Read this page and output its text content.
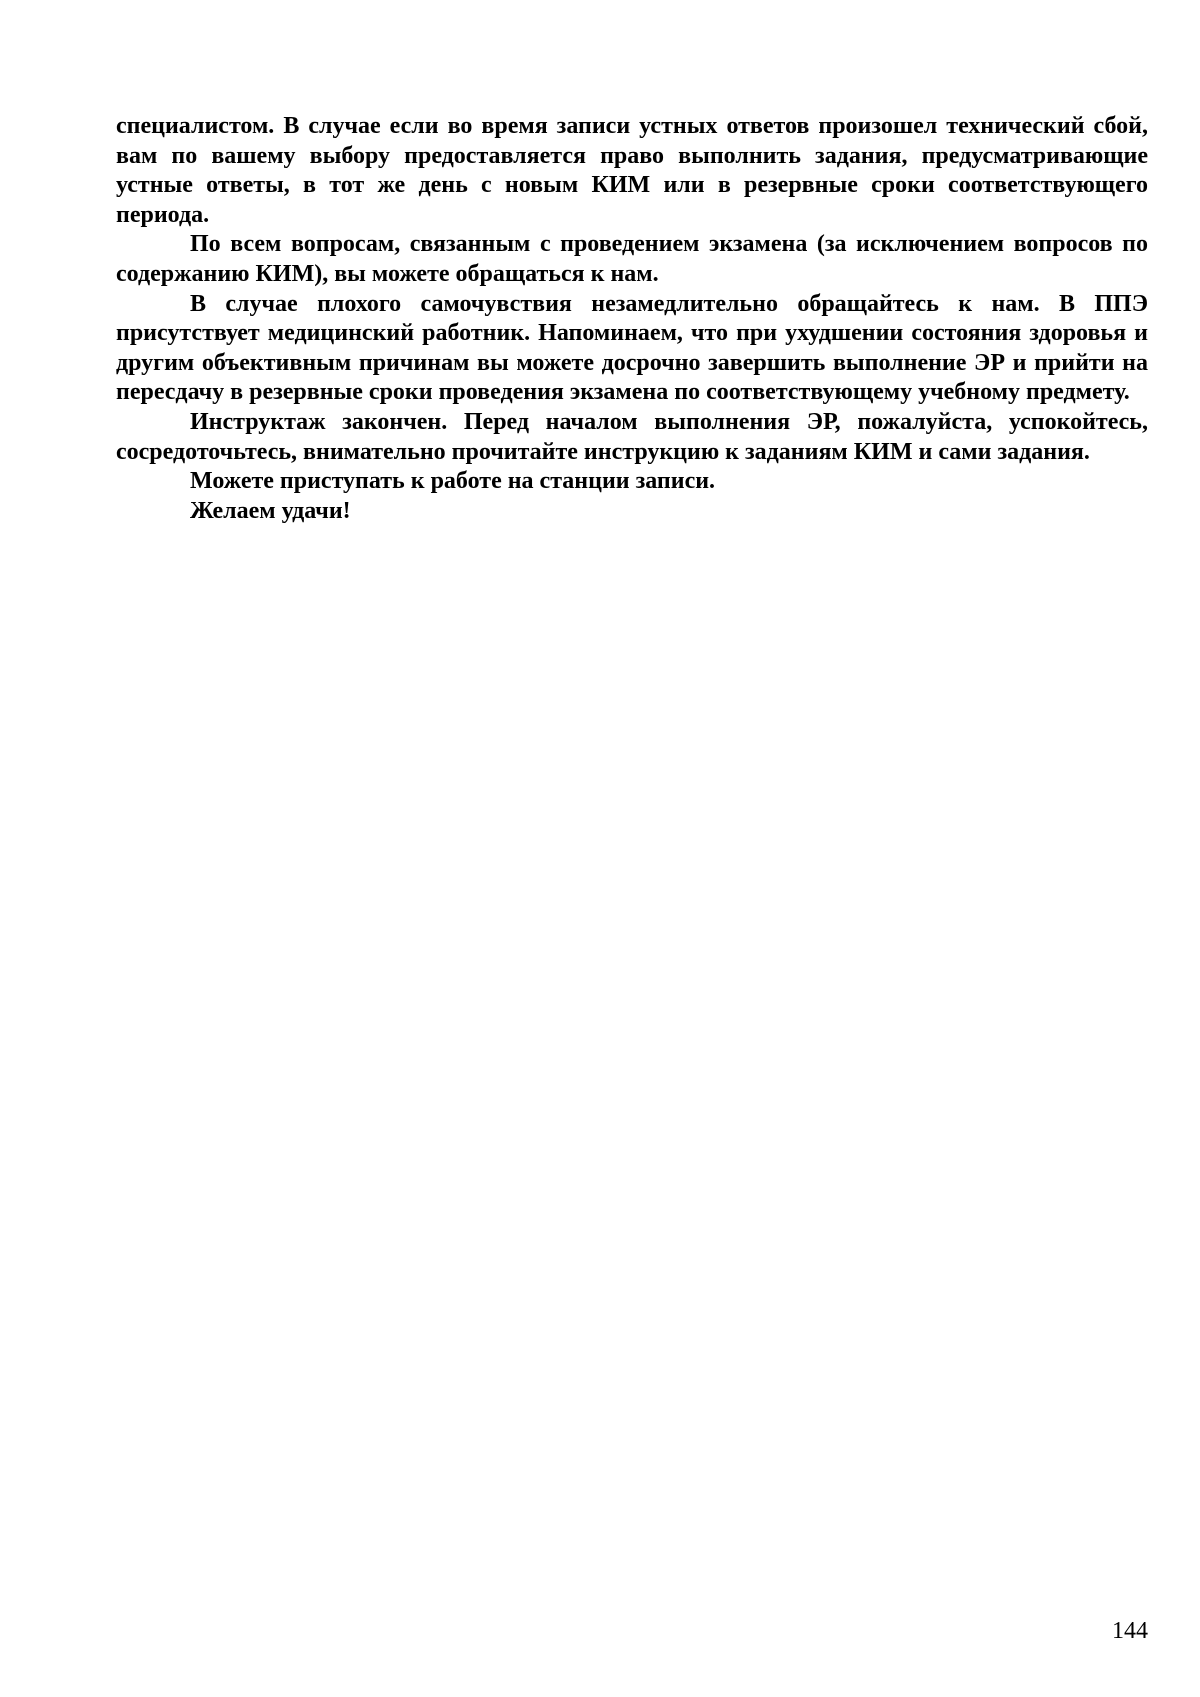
специалистом. В случае если во время записи устных ответов произошел технический сбой, вам по вашему выбору предоставляется право выполнить задания, предусматривающие устные ответы, в тот же день с новым КИМ или в резервные сроки соответствующего периода.

По всем вопросам, связанным с проведением экзамена (за исключением вопросов по содержанию КИМ), вы можете обращаться к нам.

В случае плохого самочувствия незамедлительно обращайтесь к нам. В ППЭ присутствует медицинский работник. Напоминаем, что при ухудшении состояния здоровья и другим объективным причинам вы можете досрочно завершить выполнение ЭР и прийти на пересдачу в резервные сроки проведения экзамена по соответствующему учебному предмету.

Инструктаж закончен. Перед началом выполнения ЭР, пожалуйста, успокойтесь, сосредоточьтесь, внимательно прочитайте инструкцию к заданиям КИМ и сами задания.

Можете приступать к работе на станции записи.

Желаем удачи!

144
